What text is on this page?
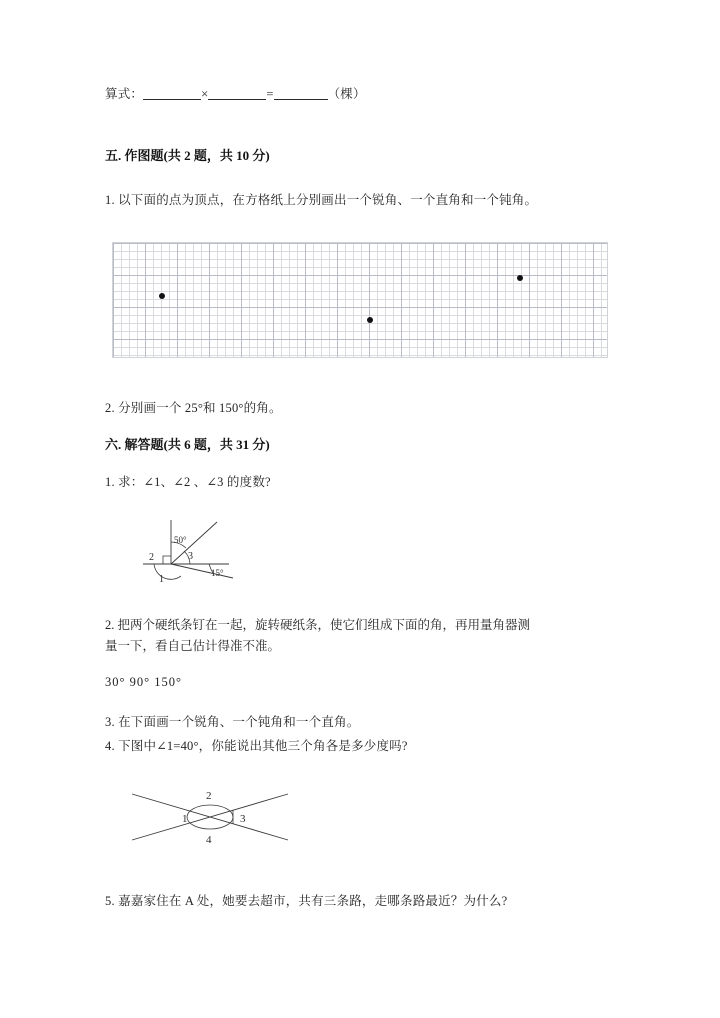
算式：	×	=	（棵）
五. 作图题(共 2 题，共 10 分)
1. 以下面的点为顶点，在方格纸上分别画出一个锐角、一个直角和一个钝角。
2. 分别画一个 25°和 150°的角。
六. 解答题(共 6 题，共 31 分)
1. 求：∠1、∠2 、∠3 的度数?
50°
2	3
1
15°
2. 把两个硬纸条钉在一起，旋转硬纸条，使它们组成下面的角，再用量角器测
量一下，看自己估计得准不准。
30° 90° 150°
3. 在下面画一个锐角、一个钝角和一个直角。
4. 下图中∠1=40°，你能说出其他三个角各是多少度吗?
1
2
3
4
5. 嘉嘉家住在 A 处，她要去超市，共有三条路，走哪条路最近？为什么?
